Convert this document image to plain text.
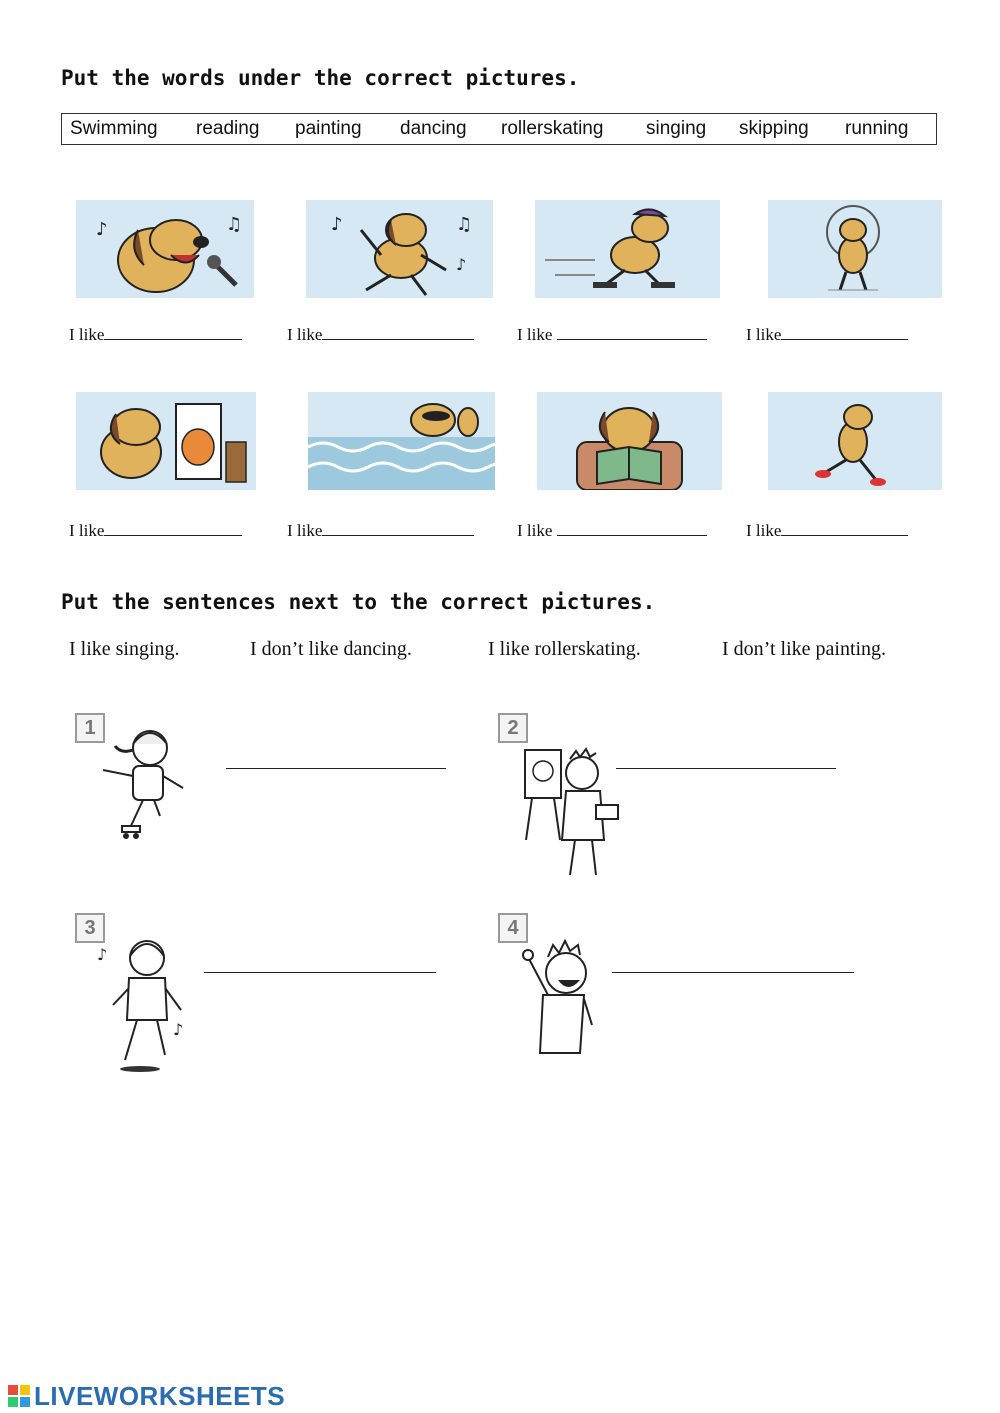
Put the words under the correct pictures.
Swimming reading painting dancing rollerskating singing skipping running
♪	♫	♪	♫
♪
I like	I like	I like	I like
I like	I like	I like	I like
Put the sentences next to the correct pictures.
I like singing.	I don’t like dancing.	I like rollerskating.	I don’t like painting.
1	2
3
♪
♪
4
LIVEWORKSHEETS
